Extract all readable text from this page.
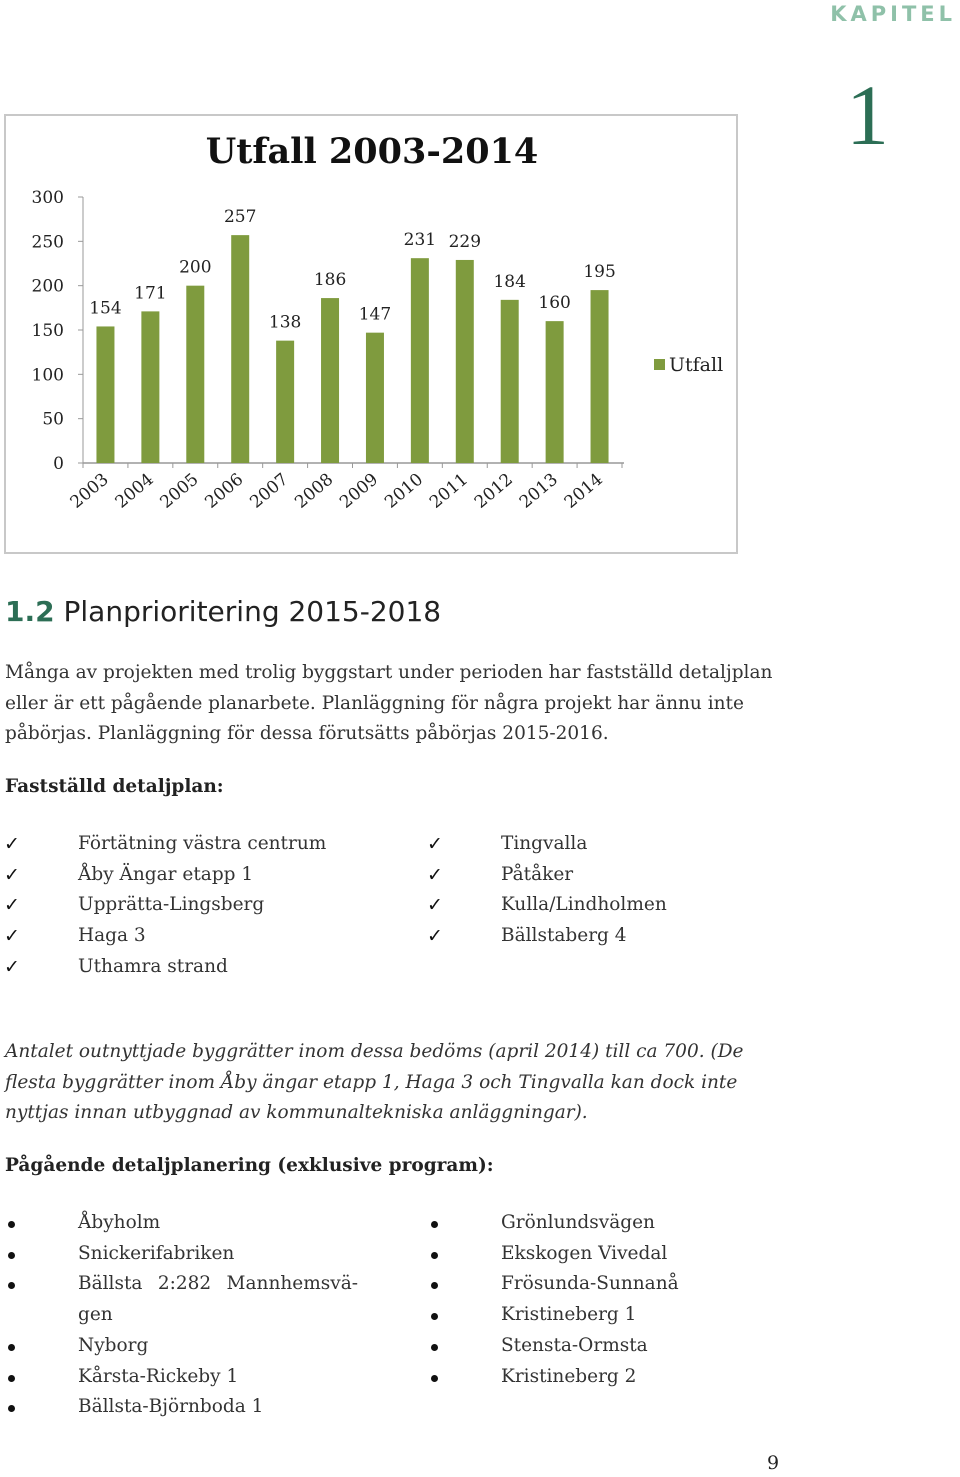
KAPITEL
1
Utfall 2003-2014
0
50
100
150
200
250
300
154
2003
171
2004
200
2005
257
2006
138
2007
186
2008
147
2009
231
2010
229
2011
184
2012
160
2013
195
2014
Utfall
1.2 Planprioritering 2015-2018

Många av projekten med trolig byggstart under perioden har fastställd detaljplan eller är ett pågående planarbete. Planläggning för några projekt har ännu inte påbörjas. Planläggning för dessa förutsätts påbörjas 2015-2016.

Fastställd detaljplan:
✓ Förtätning västra centrum
✓ Åby Ängar etapp 1
✓ Upprätta-Lingsberg
✓ Haga 3
✓ Uthamra strand
✓ Tingvalla
✓ Påtåker
✓ Kulla/Lindholmen
✓ Bällstaberg 4

Antalet outnyttjade byggrätter inom dessa bedöms (april 2014) till ca 700. (De flesta byggrätter inom Åby ängar etapp 1, Haga 3 och Tingvalla kan dock inte nyttjas innan utbyggnad av kommunaltekniska anläggningar).

Pågående detaljplanering (exklusive program):
Åbyholm
Snickerifabriken
Bällsta 2:282 Mannhemsvä-gen
Nyborg
Kårsta-Rickeby 1
Bällsta-Björnboda 1
Grönlundsvägen
Ekskogen Vivedal
Frösunda-Sunnanå
Kristineberg 1
Stensta-Ormsta
Kristineberg 2
9
